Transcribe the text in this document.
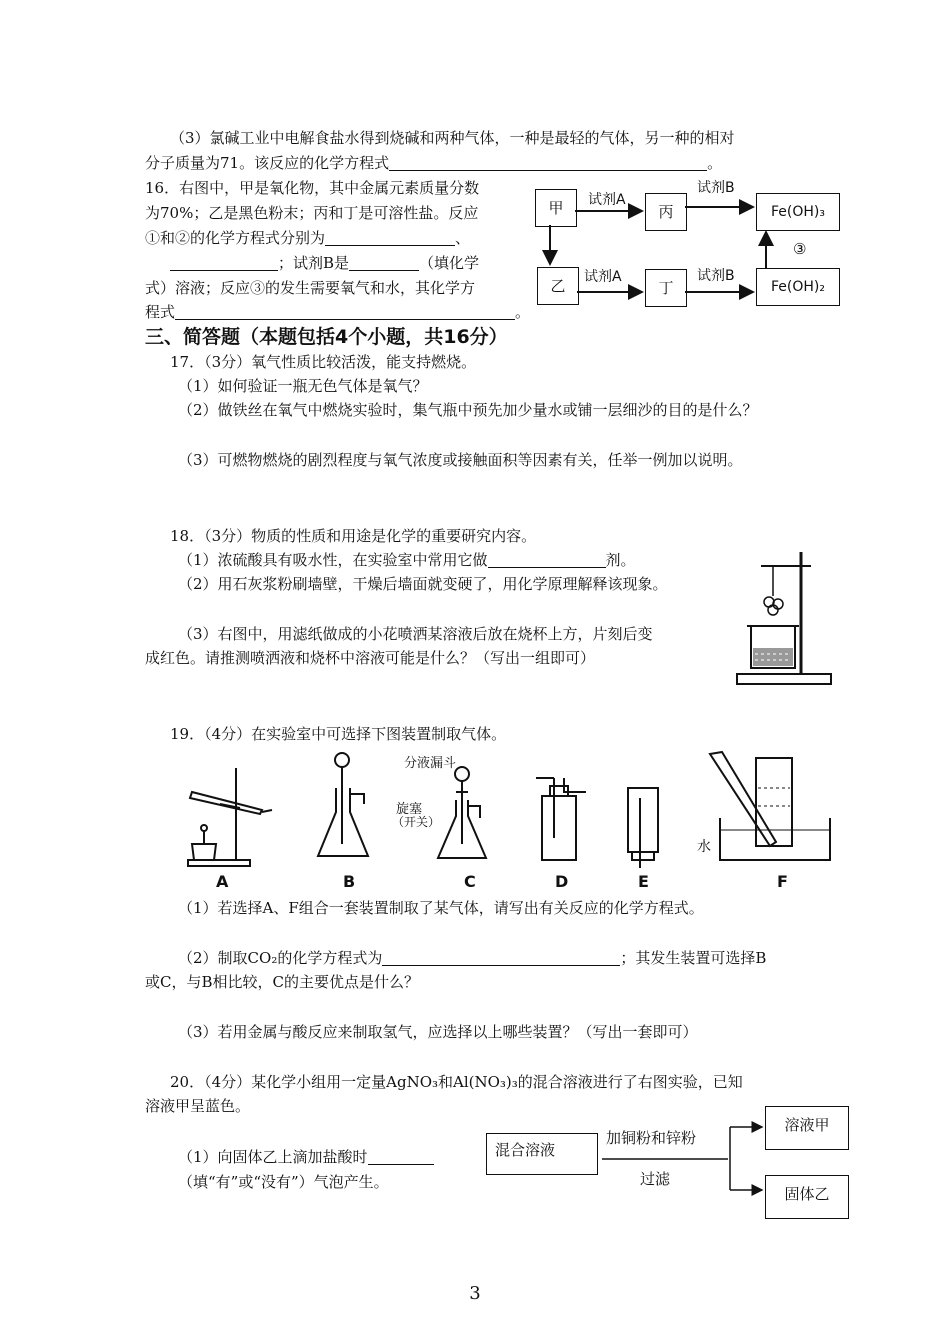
（3）氯碱工业中电解食盐水得到烧碱和两种气体，一种是最轻的气体，另一种的相对
分子质量为71。该反应的化学方程式	。
16．右图中，甲是氧化物，其中金属元素质量分数
为70%；乙是黑色粉末；丙和丁是可溶性盐。反应
①和②的化学方程式分别为	、
；试剂B是	（填化学
式）溶液；反应③的发生需要氧气和水，其化学方
程式	。
甲	丙	Fe(OH)₃
乙	丁	Fe(OH)₂
试剂A
试剂B
试剂A	试剂B
③
三、简答题（本题包括4个小题，共16分）
17．（3分）氧气性质比较活泼，能支持燃烧。
（1）如何验证一瓶无色气体是氧气？
（2）做铁丝在氧气中燃烧实验时，集气瓶中预先加少量水或铺一层细沙的目的是什么？
（3）可燃物燃烧的剧烈程度与氧气浓度或接触面积等因素有关，任举一例加以说明。
18．（3分）物质的性质和用途是化学的重要研究内容。
（1）浓硫酸具有吸水性，在实验室中常用它做	剂。
（2）用石灰浆粉刷墙壁，干燥后墙面就变硬了，用化学原理解释该现象。
（3）右图中，用滤纸做成的小花喷洒某溶液后放在烧杯上方，片刻后变
成红色。请推测喷洒液和烧杯中溶液可能是什么？（写出一组即可）
19．（4分）在实验室中可选择下图装置制取气体。
分液漏斗
旋塞
（开关）
水
A	B	C	D	E	F
（1）若选择A、F组合一套装置制取了某气体，请写出有关反应的化学方程式。
（2）制取CO₂的化学方程式为	；其发生装置可选择B
或C，与B相比较，C的主要优点是什么？
（3）若用金属与酸反应来制取氢气，应选择以上哪些装置？（写出一套即可）
20．（4分）某化学小组用一定量AgNO₃和Al(NO₃)₃的混合溶液进行了右图实验，已知
溶液甲呈蓝色。
（1）向固体乙上滴加盐酸时
（填“有”或“没有”）气泡产生。
混合溶液
溶液甲
固体乙
加铜粉和锌粉
过滤
3
